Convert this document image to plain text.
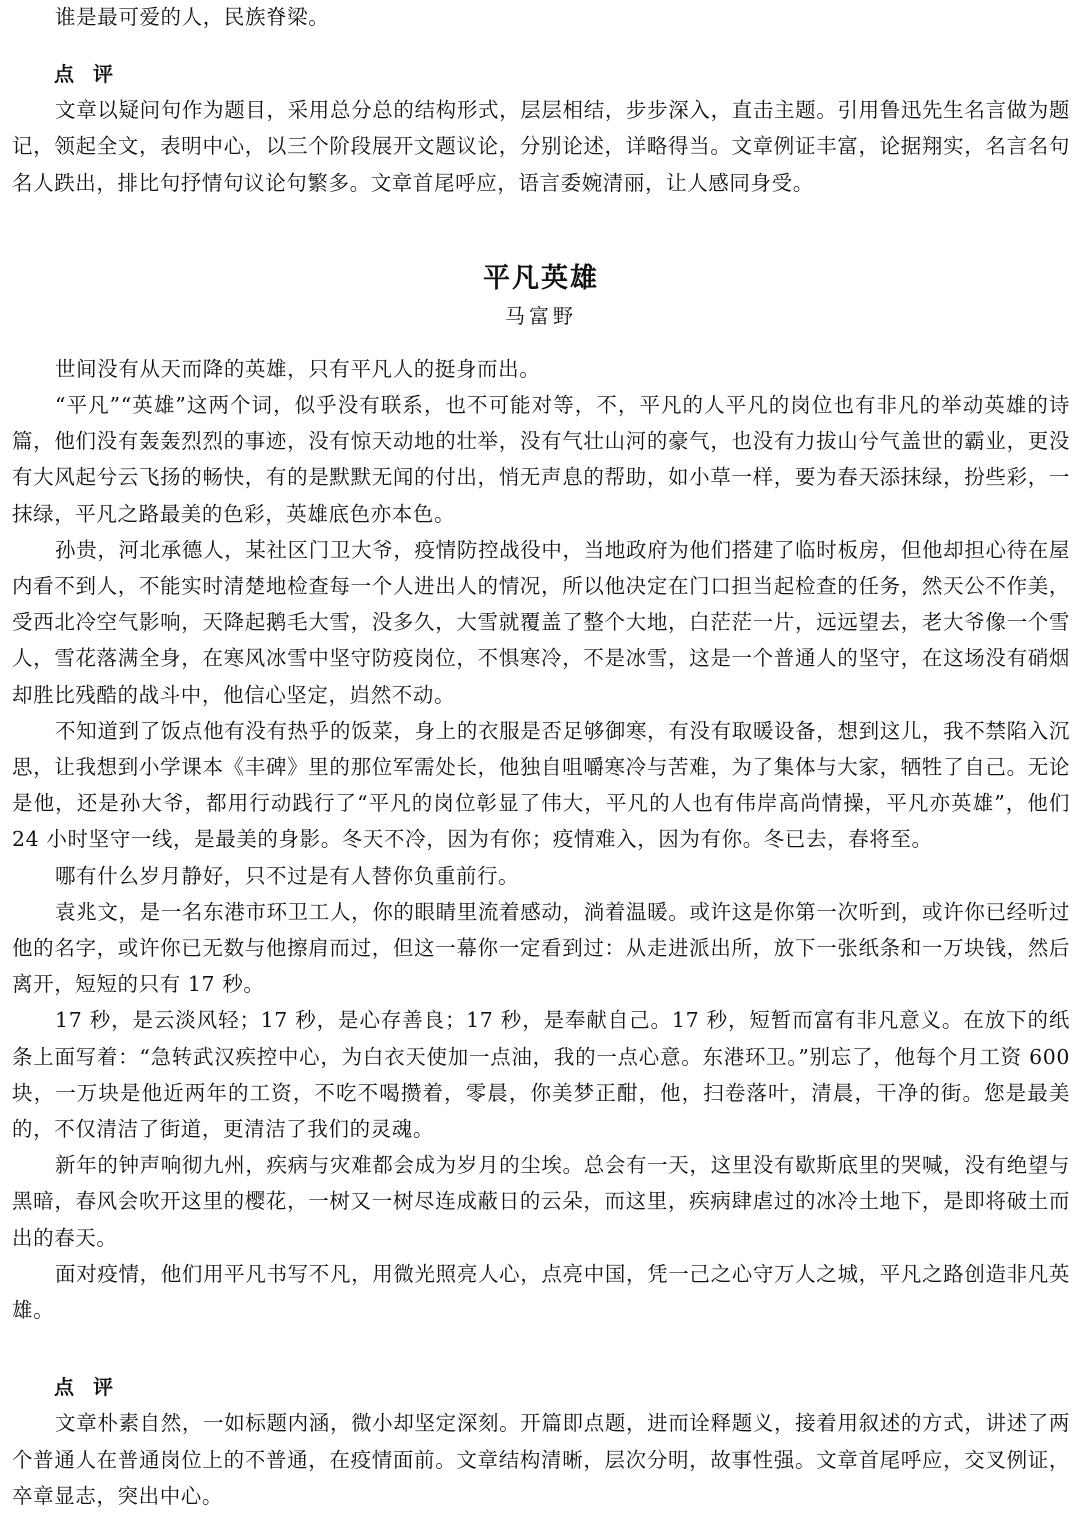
谁是最可爱的人，民族脊梁。

点 评

文章以疑问句作为题目，采用总分总的结构形式，层层相结，步步深入，直击主题。引用鲁迅先生名言做为题记，领起全文，表明中心，以三个阶段展开文题议论，分别论述，详略得当。文章例证丰富，论据翔实，名言名句名人跌出，排比句抒情句议论句繁多。文章首尾呼应，语言委婉清丽，让人感同身受。

平凡英雄
马富野

世间没有从天而降的英雄，只有平凡人的挺身而出。

“平凡”“英雄”这两个词，似乎没有联系，也不可能对等，不，平凡的人平凡的岗位也有非凡的举动英雄的诗篇，他们没有轰轰烈烈的事迹，没有惊天动地的壮举，没有气壮山河的豪气，也没有力拔山兮气盖世的霸业，更没有大风起兮云飞扬的畅快，有的是默默无闻的付出，悄无声息的帮助，如小草一样，要为春天添抹绿，扮些彩，一抹绿，平凡之路最美的色彩，英雄底色亦本色。

孙贵，河北承德人，某社区门卫大爷，疫情防控战役中，当地政府为他们搭建了临时板房，但他却担心待在屋内看不到人，不能实时清楚地检查每一个人进出人的情况，所以他决定在门口担当起检查的任务，然天公不作美，受西北冷空气影响，天降起鹅毛大雪，没多久，大雪就覆盖了整个大地，白茫茫一片，远远望去，老大爷像一个雪人，雪花落满全身，在寒风冰雪中坚守防疫岗位，不惧寒冷，不是冰雪，这是一个普通人的坚守，在这场没有硝烟却胜比残酷的战斗中，他信心坚定，岿然不动。

不知道到了饭点他有没有热乎的饭菜，身上的衣服是否足够御寒，有没有取暖设备，想到这儿，我不禁陷入沉思，让我想到小学课本《丰碑》里的那位军需处长，他独自咀嚼寒冷与苦难，为了集体与大家，牺牲了自己。无论是他，还是孙大爷，都用行动践行了“平凡的岗位彰显了伟大，平凡的人也有伟岸高尚情操，平凡亦英雄”，他们 24 小时坚守一线，是最美的身影。冬天不冷，因为有你；疫情难入，因为有你。冬已去，春将至。

哪有什么岁月静好，只不过是有人替你负重前行。

袁兆文，是一名东港市环卫工人，你的眼睛里流着感动，淌着温暖。或许这是你第一次听到，或许你已经听过他的名字，或许你已无数与他擦肩而过，但这一幕你一定看到过：从走进派出所，放下一张纸条和一万块钱，然后离开，短短的只有 17 秒。

17 秒，是云淡风轻；17 秒，是心存善良；17 秒，是奉献自己。17 秒，短暂而富有非凡意义。在放下的纸条上面写着：“急转武汉疾控中心，为白衣天使加一点油，我的一点心意。东港环卫。”别忘了，他每个月工资 600 块，一万块是他近两年的工资，不吃不喝攒着，零晨，你美梦正酣，他，扫卷落叶，清晨，干净的街。您是最美的，不仅清洁了街道，更清洁了我们的灵魂。

新年的钟声响彻九州，疾病与灾难都会成为岁月的尘埃。总会有一天，这里没有歇斯底里的哭喊，没有绝望与黑暗，春风会吹开这里的樱花，一树又一树尽连成蔽日的云朵，而这里，疾病肆虐过的冰冷土地下，是即将破土而出的春天。

面对疫情，他们用平凡书写不凡，用微光照亮人心，点亮中国，凭一己之心守万人之城，平凡之路创造非凡英雄。

点 评

文章朴素自然，一如标题内涵，微小却坚定深刻。开篇即点题，进而诠释题义，接着用叙述的方式，讲述了两个普通人在普通岗位上的不普通，在疫情面前。文章结构清晰，层次分明，故事性强。文章首尾呼应，交叉例证，卒章显志，突出中心。
